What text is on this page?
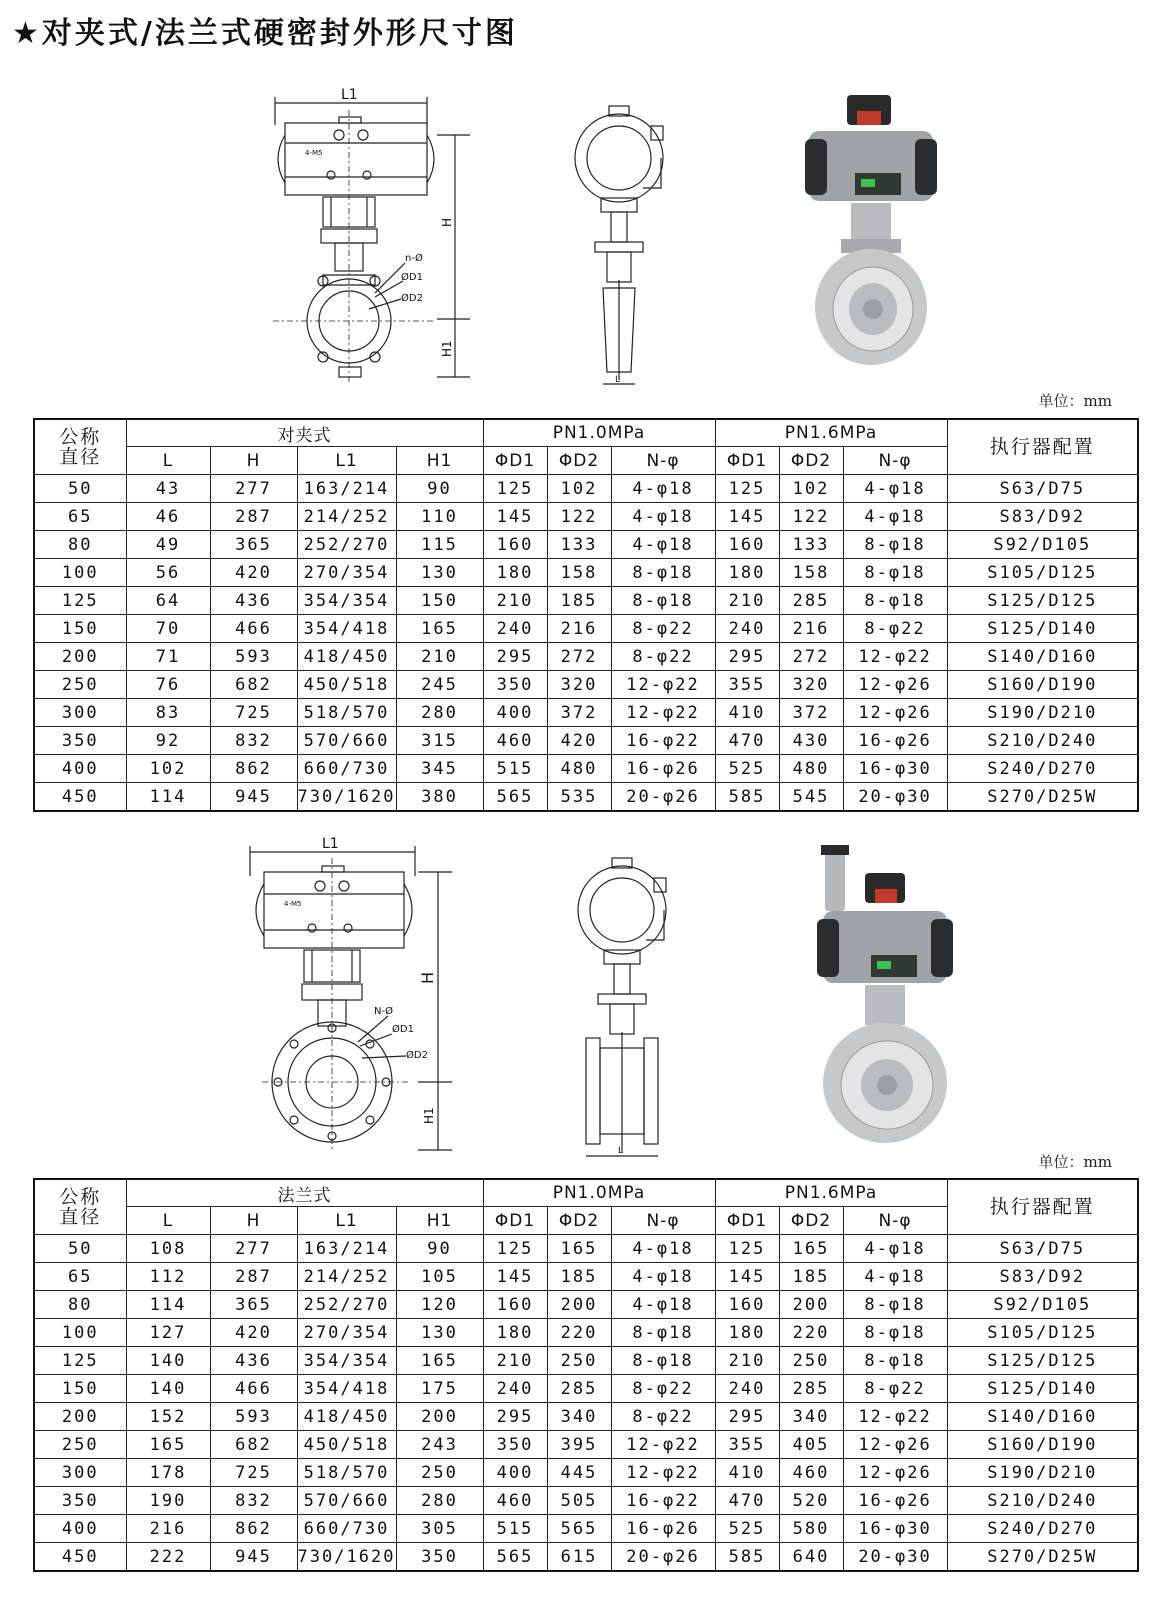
★对夹式/法兰式硬密封外形尺寸图
L1
4-M5
n-Ø
ØD1
ØD2
H
H1
L
单位：mm
公称直径	对夹式				PN1.0MPa			PN1.6MPa			执行器配置
	L	H	L1	H1	ΦD1	ΦD2	N-φ	ΦD1	ΦD2	N-φ	
50	43	277	163/214	90	125	102	4-φ18	125	102	4-φ18	S63/D75
65	46	287	214/252	110	145	122	4-φ18	145	122	4-φ18	S83/D92
80	49	365	252/270	115	160	133	4-φ18	160	133	8-φ18	S92/D105
100	56	420	270/354	130	180	158	8-φ18	180	158	8-φ18	S105/D125
125	64	436	354/354	150	210	185	8-φ18	210	285	8-φ18	S125/D125
150	70	466	354/418	165	240	216	8-φ22	240	216	8-φ22	S125/D140
200	71	593	418/450	210	295	272	8-φ22	295	272	12-φ22	S140/D160
250	76	682	450/518	245	350	320	12-φ22	355	320	12-φ26	S160/D190
300	83	725	518/570	280	400	372	12-φ22	410	372	12-φ26	S190/D210
350	92	832	570/660	315	460	420	16-φ22	470	430	16-φ26	S210/D240
400	102	862	660/730	345	515	480	16-φ26	525	480	16-φ30	S240/D270
450	114	945	730/1620	380	565	535	20-φ26	585	545	20-φ30	S270/D25W
L1
4-M5
N-Ø
ØD1
ØD2
H
H1
L
单位：mm
公称直径	法兰式				PN1.0MPa			PN1.6MPa			执行器配置
	L	H	L1	H1	ΦD1	ΦD2	N-φ	ΦD1	ΦD2	N-φ	
50	108	277	163/214	90	125	165	4-φ18	125	165	4-φ18	S63/D75
65	112	287	214/252	105	145	185	4-φ18	145	185	4-φ18	S83/D92
80	114	365	252/270	120	160	200	4-φ18	160	200	8-φ18	S92/D105
100	127	420	270/354	130	180	220	8-φ18	180	220	8-φ18	S105/D125
125	140	436	354/354	165	210	250	8-φ18	210	250	8-φ18	S125/D125
150	140	466	354/418	175	240	285	8-φ22	240	285	8-φ22	S125/D140
200	152	593	418/450	200	295	340	8-φ22	295	340	12-φ22	S140/D160
250	165	682	450/518	243	350	395	12-φ22	355	405	12-φ26	S160/D190
300	178	725	518/570	250	400	445	12-φ22	410	460	12-φ26	S190/D210
350	190	832	570/660	280	460	505	16-φ22	470	520	16-φ26	S210/D240
400	216	862	660/730	305	515	565	16-φ26	525	580	16-φ30	S240/D270
450	222	945	730/1620	350	565	615	20-φ26	585	640	20-φ30	S270/D25W
